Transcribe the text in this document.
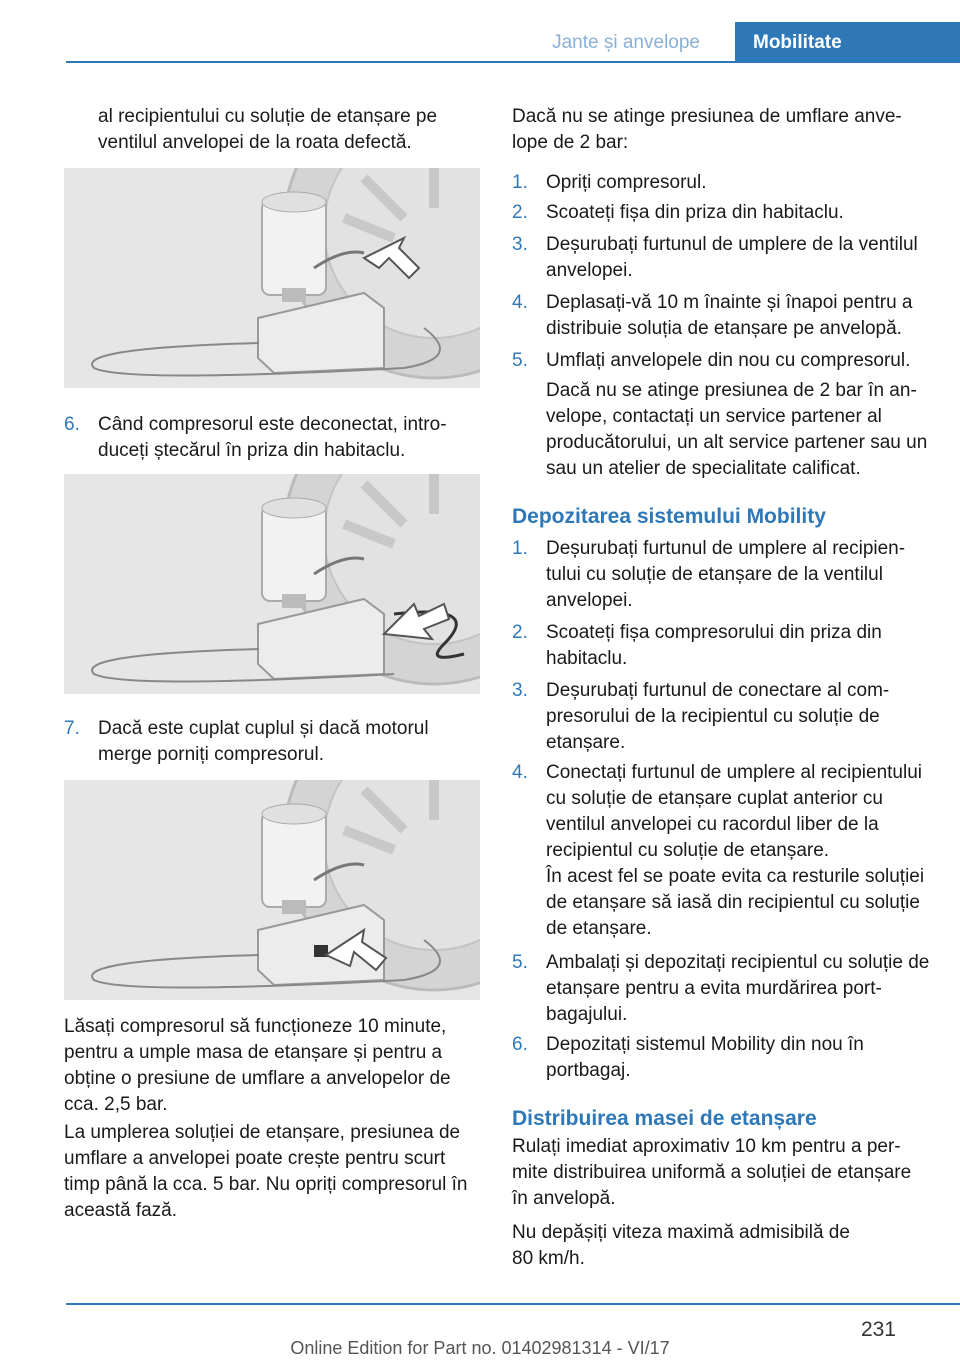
Jante și anvelope	Mobilitate
al recipientului cu soluție de etanșare pe ventilul anvelopei de la roata defectă.
6. Când compresorul este deconectat, introduceți ștecărul în priza din habitaclu.
7. Dacă este cuplat cuplul și dacă motorul merge porniți compresorul.
Lăsați compresorul să funcționeze 10 minute, pentru a umple masa de etanșare și pentru a obține o presiune de umflare a anvelopelor de cca. 2,5 bar.
La umplerea soluției de etanșare, presiunea de umflare a anvelopei poate crește pentru scurt timp până la cca. 5 bar. Nu opriți compresorul în această fază.
Dacă nu se atinge presiunea de umflare anvelope de 2 bar:
1. Opriți compresorul.
2. Scoateți fișa din priza din habitaclu.
3. Deșurubați furtunul de umplere de la ventilul anvelopei.
4. Deplasați-vă 10 m înainte și înapoi pentru a distribuie soluția de etanșare pe anvelopă.
5. Umflați anvelopele din nou cu compresorul.
Dacă nu se atinge presiunea de 2 bar în anvelope, contactați un service partener al producătorului, un alt service partener sau un sau un atelier de specialitate calificat.
Depozitarea sistemului Mobility
1. Deșurubați furtunul de umplere al recipientului cu soluție de etanșare de la ventilul anvelopei.
2. Scoateți fișa compresorului din priza din habitaclu.
3. Deșurubați furtunul de conectare al compresorului de la recipientul cu soluție de etanșare.
4. Conectați furtunul de umplere al recipientului cu soluție de etanșare cuplat anterior cu ventilul anvelopei cu racordul liber de la recipientul cu soluție de etanșare.
În acest fel se poate evita ca resturile soluției de etanșare să iasă din recipientul cu soluție de etanșare.
5. Ambalați și depozitați recipientul cu soluție de etanșare pentru a evita murdărirea portbagajului.
6. Depozitați sistemul Mobility din nou în portbagaj.
Distribuirea masei de etanșare
Rulați imediat aproximativ 10 km pentru a permite distribuirea uniformă a soluției de etanșare în anvelopă.
Nu depășiți viteza maximă admisibilă de 80 km/h.
231
Online Edition for Part no. 01402981314 - VI/17
